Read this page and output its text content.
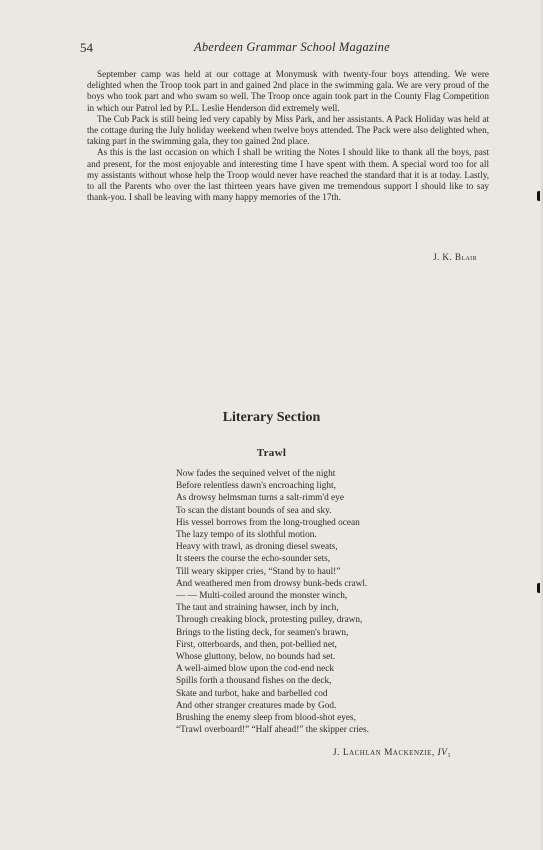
54	Aberdeen Grammar School Magazine

September camp was held at our cottage at Monymusk with twenty-four boys attending. We were delighted when the Troop took part in and gained 2nd place in the swimming gala. We are very proud of the boys who took part and who swam so well. The Troop once again took part in the County Flag Competition in which our Patrol led by P.L. Leslie Henderson did extremely well.

The Cub Pack is still being led very capably by Miss Park, and her assistants. A Pack Holiday was held at the cottage during the July holiday weekend when twelve boys attended. The Pack were also delighted when, taking part in the swimming gala, they too gained 2nd place.

As this is the last occasion on which I shall be writing the Notes I should like to thank all the boys, past and present, for the most enjoyable and interesting time I have spent with them. A special word too for all my assistants without whose help the Troop would never have reached the standard that it is at today. Lastly, to all the Parents who over the last thirteen years have given me tremendous support I should like to say thank-you. I shall be leaving with many happy memories of the 17th.

J. K. Blair
Literary Section
Trawl

Now fades the sequined velvet of the night

Before relentless dawn's encroaching light,

As drowsy helmsman turns a salt-rimm'd eye

To scan the distant bounds of sea and sky.

His vessel borrows from the long-troughed ocean

The lazy tempo of its slothful motion.

Heavy with trawl, as droning diesel sweats,

It steers the course the echo-sounder sets,

Till weary skipper cries, “Stand by to haul!”

And weathered men from drowsy bunk-beds crawl.

— — Multi-coiled around the monster winch,

The taut and straining hawser, inch by inch,

Through creaking block, protesting pulley, drawn,

Brings to the listing deck, for seamen's brawn,

First, otterboards, and then, pot-bellied net,

Whose gluttony, below, no bounds had set.

A well-aimed blow upon the cod-end neck

Spills forth a thousand fishes on the deck,

Skate and turbot, hake and barbelled cod

And other stranger creatures made by God.

Brushing the enemy sleep from blood-shot eyes,

“Trawl overboard!” “Half ahead!” the skipper cries.

J. Lachlan Mackenzie, $IV_1$
